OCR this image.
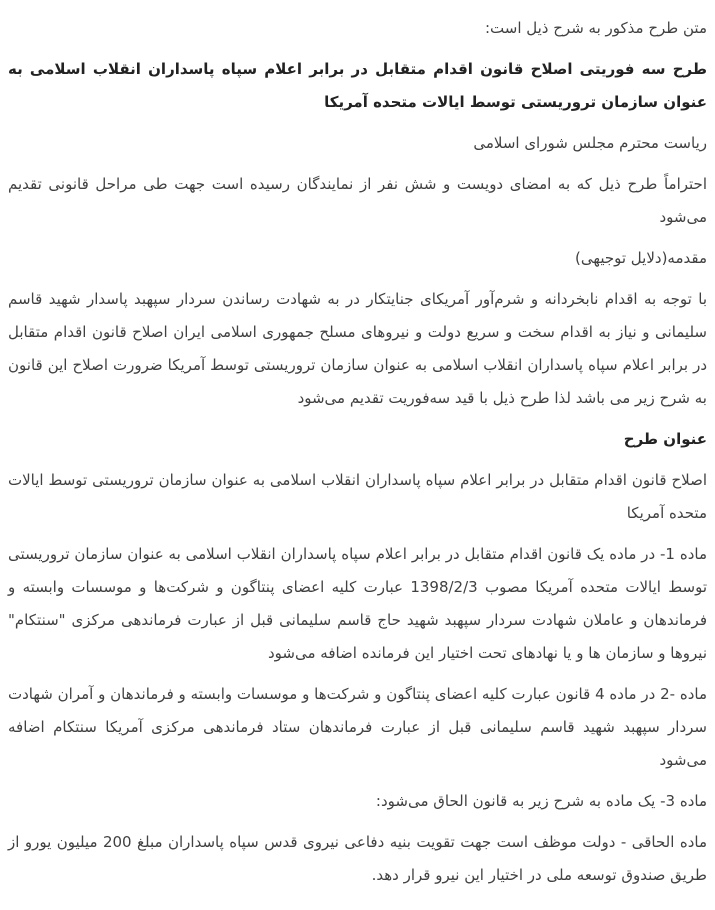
متن طرح مذکور به شرح ذیل است:

طرح سه فوریتی اصلاح قانون اقدام متقابل در برابر اعلام سپاه پاسداران انقلاب اسلامی به عنوان سازمان تروریستی توسط ایالات متحده آمریکا

ریاست محترم مجلس شورای اسلامی

احتراماً طرح ذیل که به امضای دویست و شش نفر از نمایندگان رسیده است جهت طی مراحل قانونی تقدیم می‌شود

مقدمه(دلایل توجیهی)

با توجه به اقدام نابخردانه و شرم‌آور آمریکای جنایتکار در به شهادت رساندن سردار سپهبد پاسدار شهید قاسم سلیمانی و نیاز به اقدام سخت و سریع دولت و نیروهای مسلح جمهوری اسلامی ایران اصلاح قانون اقدام متقابل در برابر اعلام سپاه پاسداران انقلاب اسلامی به عنوان سازمان تروریستی توسط آمریکا ضرورت اصلاح این قانون به شرح زیر می باشد لذا طرح ذیل با قید سه‌فوریت تقدیم می‌شود

عنوان طرح

اصلاح قانون اقدام متقابل در برابر اعلام سپاه پاسداران انقلاب اسلامی به عنوان سازمان تروریستی توسط ایالات متحده آمریکا

ماده 1- در ماده یک قانون اقدام متقابل در برابر اعلام سپاه پاسداران انقلاب اسلامی به عنوان سازمان تروریستی توسط ایالات متحده آمریکا مصوب 1398/2/3 عبارت کلیه اعضای پنتاگون و شرکت‌ها و موسسات وابسته و فرماندهان و عاملان شهادت سردار سپهبد شهید حاج قاسم سلیمانی قبل از عبارت فرماندهی مرکزی "سنتکام" نیروها و سازمان ها و یا نهادهای تحت اختیار این فرمانده اضافه می‌شود

ماده -2 در ماده 4 قانون عبارت کلیه اعضای پنتاگون و شرکت‌ها و موسسات وابسته و فرماندهان و آمران شهادت سردار سپهبد شهید قاسم سلیمانی قبل از عبارت فرماندهان ستاد فرماندهی مرکزی آمریکا سنتکام اضافه می‌شود

ماده 3- یک ماده به شرح زیر به قانون الحاق می‌شود:

ماده الحاقی - دولت موظف است جهت تقویت بنیه دفاعی نیروی قدس سپاه پاسداران مبلغ 200 میلیون یورو از طریق صندوق توسعه ملی در اختیار این نیرو قرار دهد.
